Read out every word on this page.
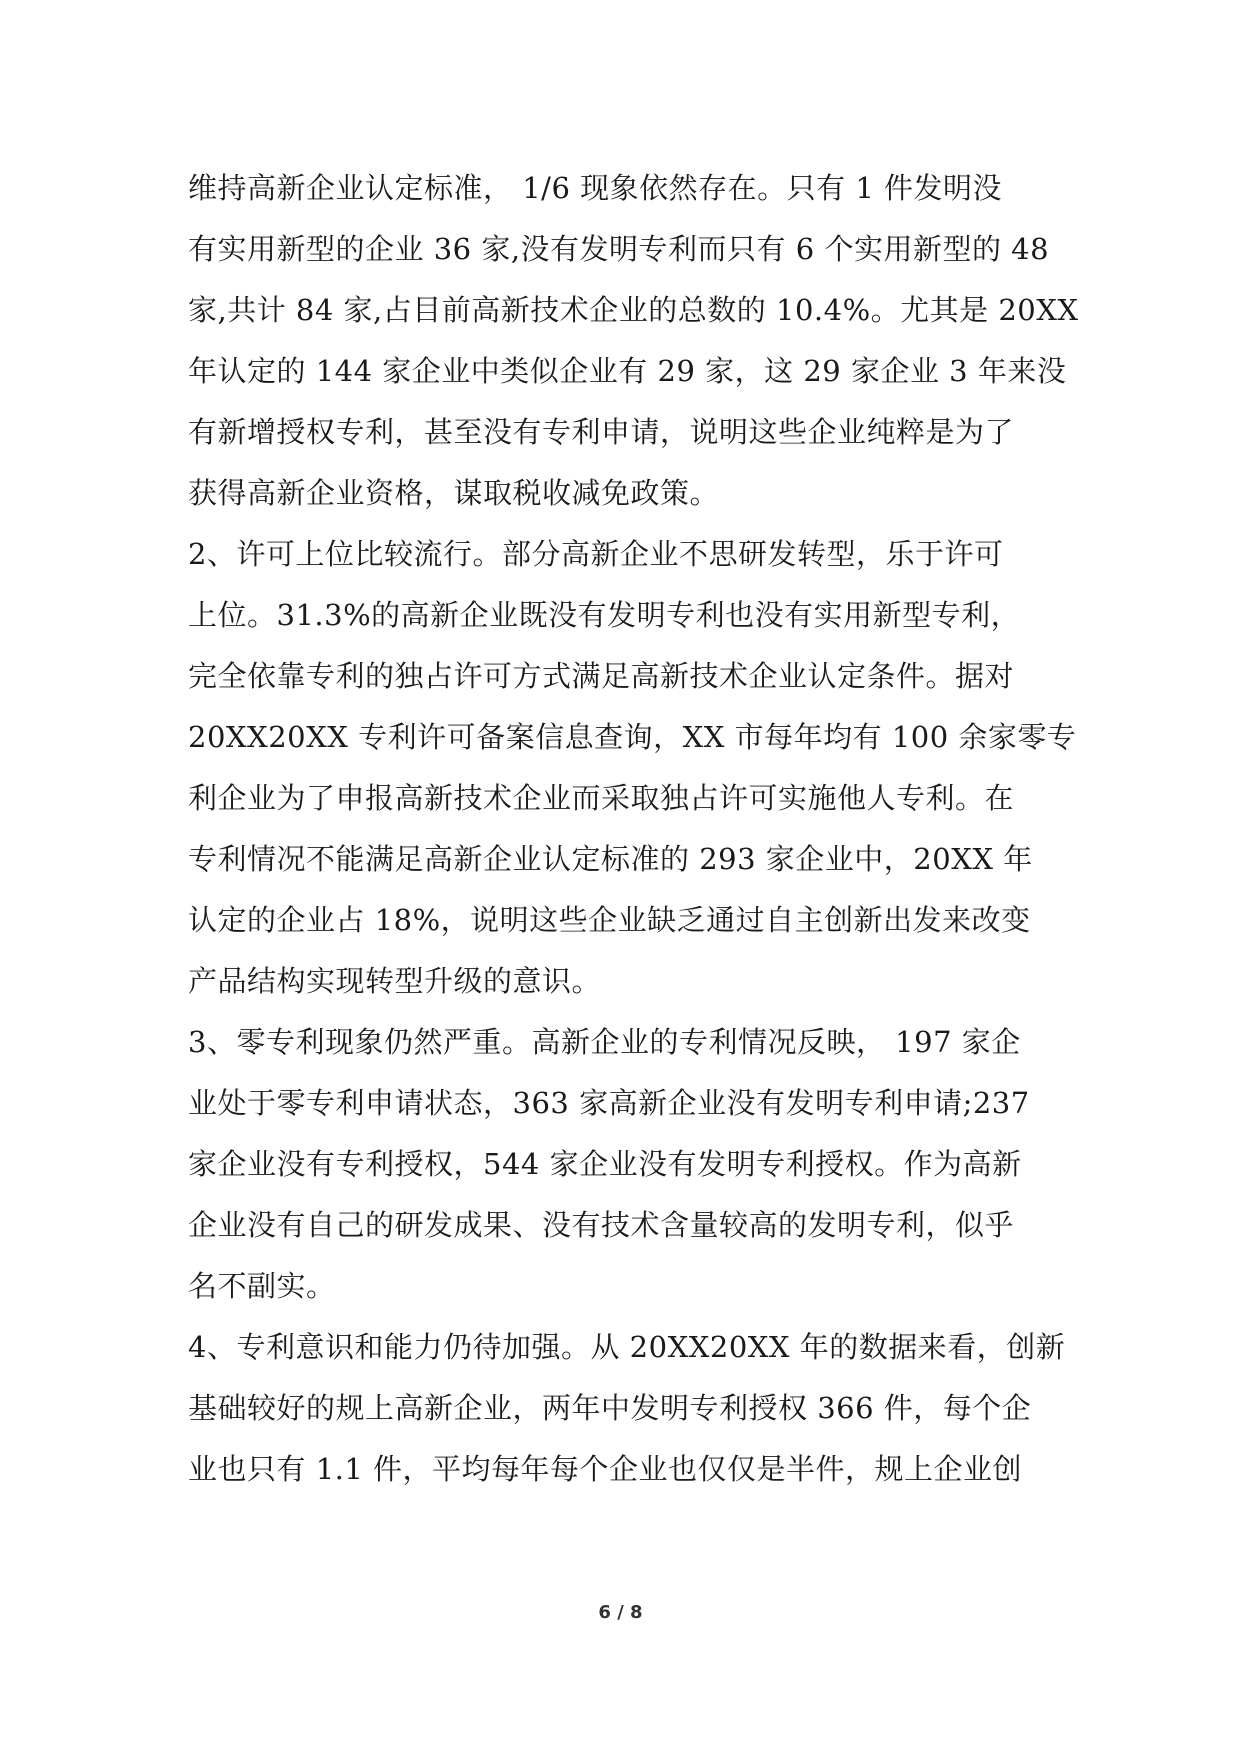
维持高新企业认定标准， 1/6 现象依然存在。只有 1 件发明没
有实用新型的企业 36 家,没有发明专利而只有 6 个实用新型的 48
家,共计 84 家,占目前高新技术企业的总数的 10.4%。尤其是 20XX
年认定的 144 家企业中类似企业有 29 家，这 29 家企业 3 年来没
有新增授权专利，甚至没有专利申请，说明这些企业纯粹是为了
获得高新企业资格，谋取税收减免政策。
2、许可上位比较流行。部分高新企业不思研发转型，乐于许可
上位。31.3%的高新企业既没有发明专利也没有实用新型专利，
完全依靠专利的独占许可方式满足高新技术企业认定条件。据对
20XX20XX 专利许可备案信息查询，XX 市每年均有 100 余家零专
利企业为了申报高新技术企业而采取独占许可实施他人专利。在
专利情况不能满足高新企业认定标准的 293 家企业中，20XX 年
认定的企业占 18%，说明这些企业缺乏通过自主创新出发来改变
产品结构实现转型升级的意识。
3、零专利现象仍然严重。高新企业的专利情况反映， 197 家企
业处于零专利申请状态，363 家高新企业没有发明专利申请;237
家企业没有专利授权，544 家企业没有发明专利授权。作为高新
企业没有自己的研发成果、没有技术含量较高的发明专利，似乎
名不副实。
4、专利意识和能力仍待加强。从 20XX20XX 年的数据来看，创新
基础较好的规上高新企业，两年中发明专利授权 366 件，每个企
业也只有 1.1 件，平均每年每个企业也仅仅是半件，规上企业创
6 / 8
